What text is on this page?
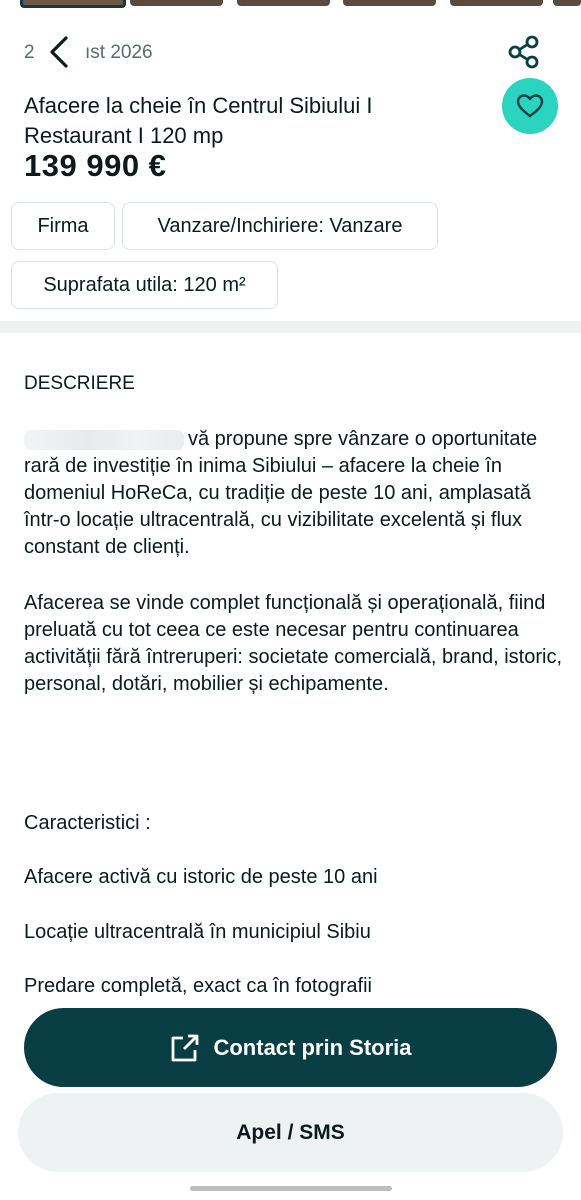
2	ıst 2026
Afacere la cheie în Centrul Sibiului I Restaurant I 120 mp
139 990 €
Firma	Vanzare/Inchiriere: Vanzare
Suprafata utila: 120 m²
DESCRIERE
vă propune spre vânzare o oportunitate rară de investiție în inima Sibiului – afacere la cheie în domeniul HoReCa, cu tradiție de peste 10 ani, amplasată într-o locație ultracentrală, cu vizibilitate excelentă și flux constant de clienți.
Afacerea se vinde complet funcțională și operațională, fiind preluată cu tot ceea ce este necesar pentru continuarea activității fără întreruperi: societate comercială, brand, istoric, personal, dotări, mobilier și echipamente.
Caracteristici :
Afacere activă cu istoric de peste 10 ani
Locație ultracentrală în municipiul Sibiu
Predare completă, exact ca în fotografii
Contact prin Storia
Apel / SMS
